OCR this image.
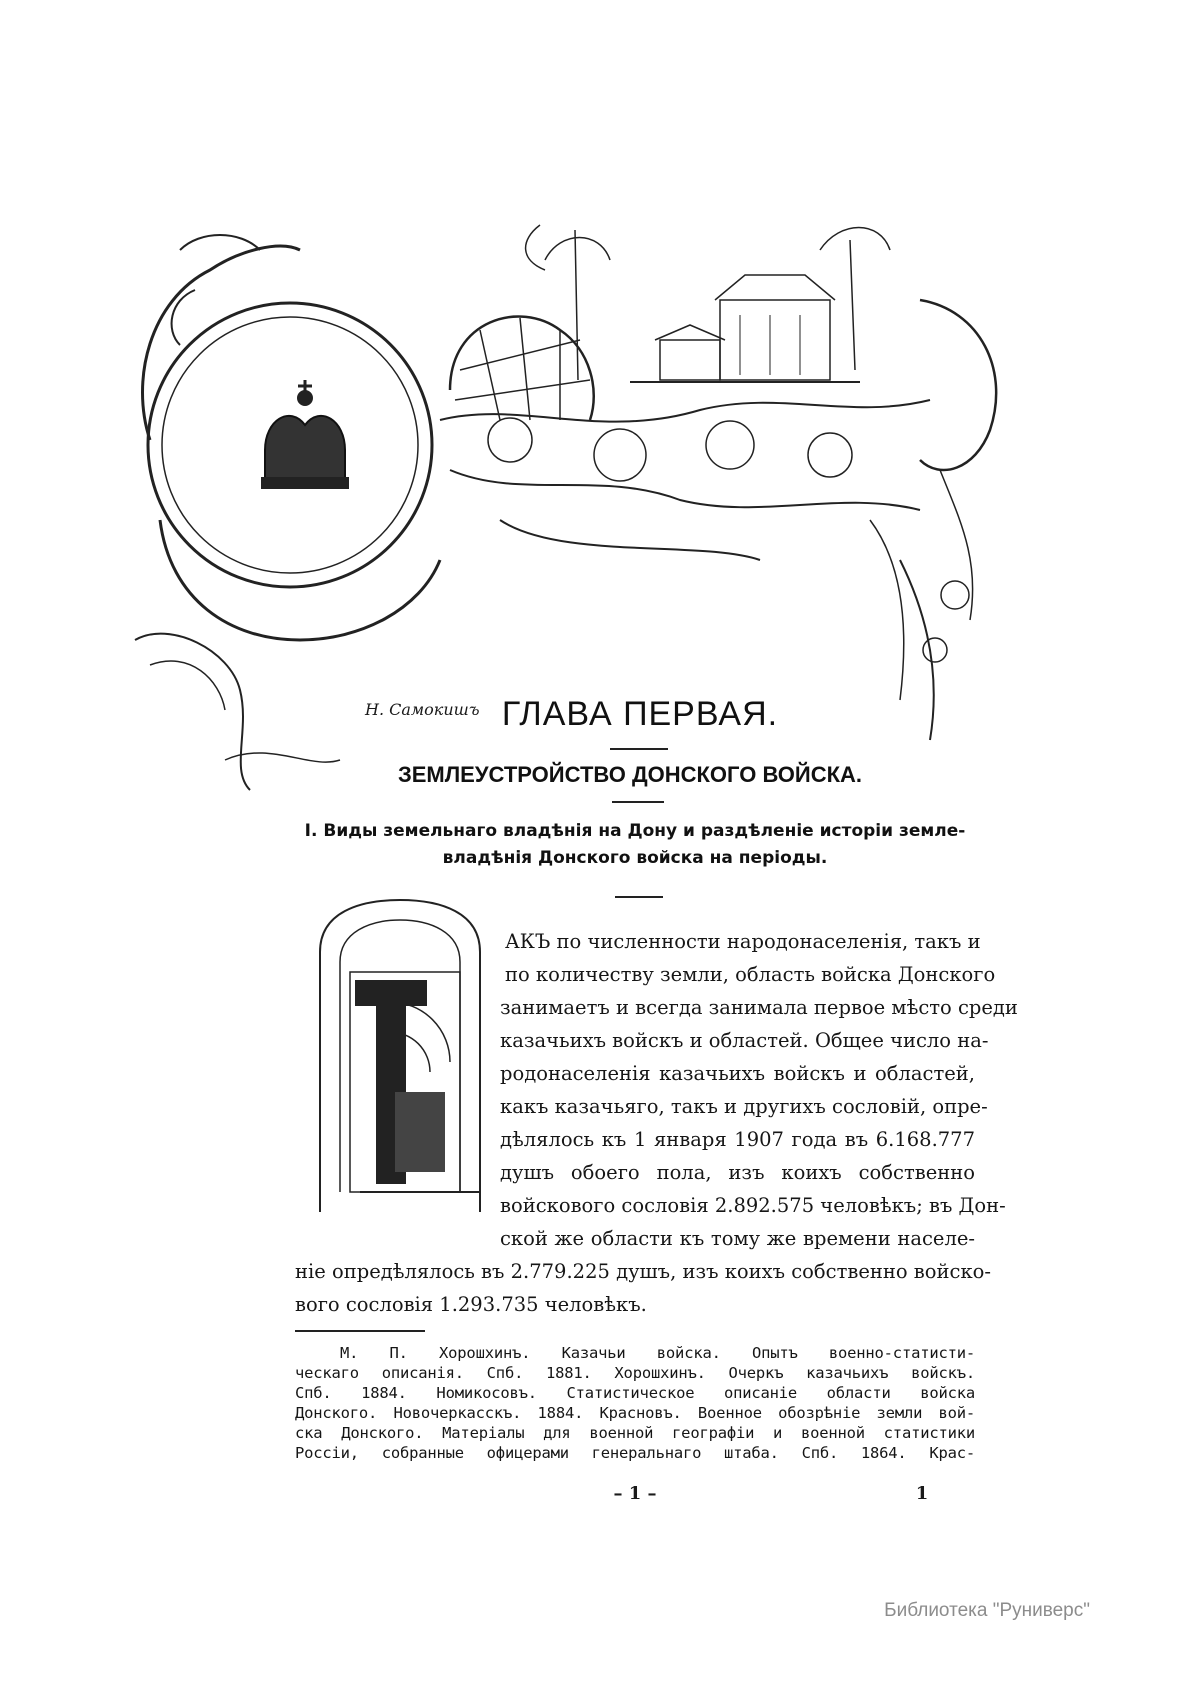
Н. Самокишъ ГЛАВА ПЕРВАЯ.
ЗЕМЛЕУСТРОЙСТВО ДОНСКОГО ВОЙСКА.
I. Виды земельнаго владѣнія на Дону и раздѣленіе исторіи земле-
владѣнія Донского войска на періоды.
АКЪ по численности народонаселенія, такъ и
по количеству земли, область войска Донского
занимаетъ и всегда занимала первое мѣсто среди
казачьихъ войскъ и областей. Общее число на-
родонаселенія казачьихъ войскъ и областей,
какъ казачьяго, такъ и другихъ сословій, опре-
дѣлялось къ 1 января 1907 года въ 6.168.777
душъ обоего пола, изъ коихъ собственно
войскового сословія 2.892.575 человѣкъ; въ Дон-
ской же области къ тому же времени населе-
ніе опредѣлялось въ 2.779.225 душъ, изъ коихъ собственно войско-
вого сословія 1.293.735 человѣкъ.
М. П. Хорошхинъ. Казачьи войска. Опытъ военно-статисти-
ческаго описанія. Спб. 1881. Хорошхинъ. Очеркъ казачьихъ войскъ.
Спб. 1884. Номикосовъ. Статистическое описаніе области войска
Донского. Новочеркасскъ. 1884. Красновъ. Военное обозрѣніе земли вой-
ска Донского. Матеріалы для военной географіи и военной статистики
Россіи, собранные офицерами генеральнаго штаба. Спб. 1864. Крас-
– 1 –	1
Библиотека "Руниверс"
